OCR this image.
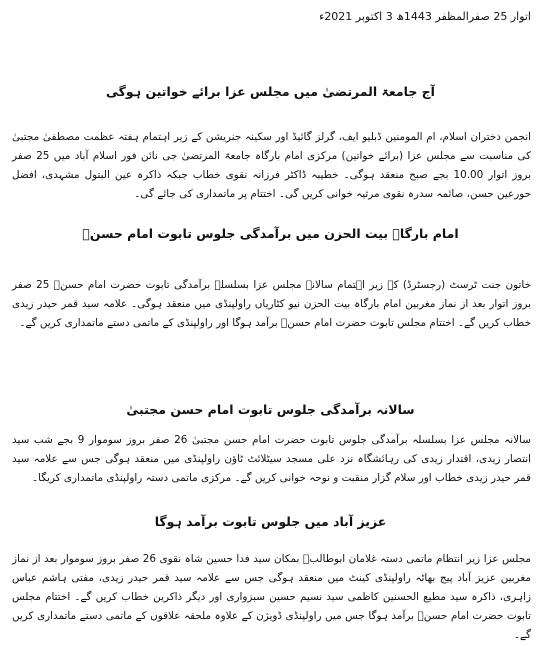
اتوار 25 صفرالمظفر 1443ھ 3 اکتوبر 2021ء
آج جامعۃ المرتضیٰ میں مجلس عزا برائے خواتین ہوگی
انجمن دختران اسلام، ام المومنین ڈبلیو ایف، گرلز گائیڈ اور سکینہ جنریشن کے زیر اہتمام ہفتہ عظمت مصطفیٰ مجتبیٰ کی مناسبت سے مجلس عزا (برائے خواتین) مرکزی امام بارگاہ جامعۃ المرتضیٰ جی نائن فور اسلام آباد میں 25 صفر بروز اتوار 10.00 بجے صبح منعقد ہوگی۔ خطیبہ ڈاکٹر فرزانہ نقوی خطاب جبکہ ذاکرہ عین البتول مشہدی، افضل حورعین حسن، صائمہ سدرہ نقوی مرثیہ خوانی کریں گی۔ اختتام پر ماتمداری کی جائے گی۔
امام بارگاہ بیت الحزن میں برآمدگی جلوس تابوت امام حسنؑ
خاتون جنت ٹرسٹ (رجسٹرڈ) کے زیر اہتمام سالانہ مجلس عزا بسلسلہ برآمدگی تابوت حضرت امام حسنؑ 25 صفر بروز اتوار بعد از نماز مغربین امام بارگاہ بیت الحزن نیو کٹاریاں راولپنڈی میں منعقد ہوگی۔ علامہ سید قمر حیدر زیدی خطاب کریں گے۔ اختتام مجلس تابوت حضرت امام حسنؑ برآمد ہوگا اور راولپنڈی کے ماتمی دستے ماتمداری کریں گے۔
سالانہ برآمدگی جلوس تابوت امام حسن مجتبیٰ
سالانہ مجلس عزا بسلسلہ برآمدگی جلوس تابوت حضرت امام حسن مجتبیٰ 26 صفر بروز سوموار 9 بجے شب سید انتصار زیدی، اقتدار زیدی کی رہائشگاہ نزد علی مسجد سیٹلائٹ ٹاؤن راولپنڈی میں منعقد ہوگی جس سے علامہ سید قمر حیدر زیدی خطاب اور سلام گزار منقبت و نوحہ خوانی کریں گے۔ مرکزی ماتمی دستہ راولپنڈی ماتمداری کریگا۔
عزیز آباد میں جلوس تابوت برآمد ہوگا
مجلس عزا زیر انتظام ماتمی دستہ غلامان ابوطالبؑ بمکان سید فدا حسین شاہ نقوی 26 صفر بروز سوموار بعد از نماز مغربین عزیز آباد پیج بھاٹہ راولپنڈی کینٹ میں منعقد ہوگی جس سے علامہ سید قمر حیدر زیدی، مفتی ہاشم عباس زاہری، ذاکرہ سید مطیع الحسنین کاظمی سید نسیم حسین سبزواری اور دیگر ذاکرین خطاب کریں گے۔ اختتام مجلس تابوت حضرت امام حسنؑ برآمد ہوگا جس میں راولپنڈی ڈویژن کے علاوہ ملحقہ علاقوں کے ماتمی دستے ماتمداری کریں گے۔
